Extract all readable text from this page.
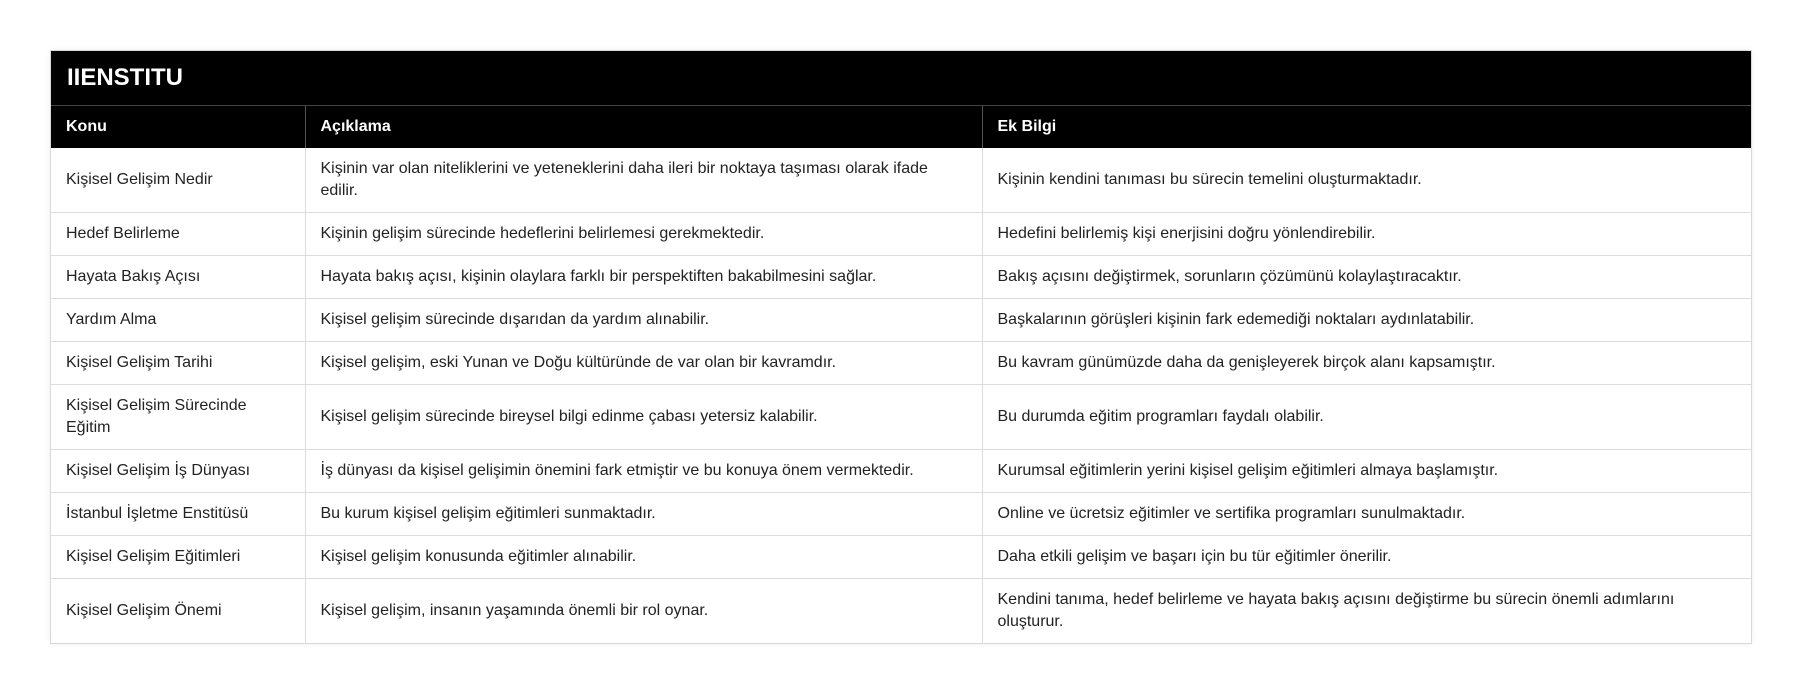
IIENSTITU
Konu	Açıklama	Ek Bilgi
Kişisel Gelişim Nedir	Kişinin var olan niteliklerini ve yeteneklerini daha ileri bir noktaya taşıması olarak ifade edilir.	Kişinin kendini tanıması bu sürecin temelini oluşturmaktadır.
Hedef Belirleme	Kişinin gelişim sürecinde hedeflerini belirlemesi gerekmektedir.	Hedefini belirlemiş kişi enerjisini doğru yönlendirebilir.
Hayata Bakış Açısı	Hayata bakış açısı, kişinin olaylara farklı bir perspektiften bakabilmesini sağlar.	Bakış açısını değiştirmek, sorunların çözümünü kolaylaştıracaktır.
Yardım Alma	Kişisel gelişim sürecinde dışarıdan da yardım alınabilir.	Başkalarının görüşleri kişinin fark edemediği noktaları aydınlatabilir.
Kişisel Gelişim Tarihi	Kişisel gelişim, eski Yunan ve Doğu kültüründe de var olan bir kavramdır.	Bu kavram günümüzde daha da genişleyerek birçok alanı kapsamıştır.
Kişisel Gelişim Sürecinde Eğitim	Kişisel gelişim sürecinde bireysel bilgi edinme çabası yetersiz kalabilir.	Bu durumda eğitim programları faydalı olabilir.
Kişisel Gelişim İş Dünyası	İş dünyası da kişisel gelişimin önemini fark etmiştir ve bu konuya önem vermektedir.	Kurumsal eğitimlerin yerini kişisel gelişim eğitimleri almaya başlamıştır.
İstanbul İşletme Enstitüsü	Bu kurum kişisel gelişim eğitimleri sunmaktadır.	Online ve ücretsiz eğitimler ve sertifika programları sunulmaktadır.
Kişisel Gelişim Eğitimleri	Kişisel gelişim konusunda eğitimler alınabilir.	Daha etkili gelişim ve başarı için bu tür eğitimler önerilir.
Kişisel Gelişim Önemi	Kişisel gelişim, insanın yaşamında önemli bir rol oynar.	Kendini tanıma, hedef belirleme ve hayata bakış açısını değiştirme bu sürecin önemli adımlarını oluşturur.
